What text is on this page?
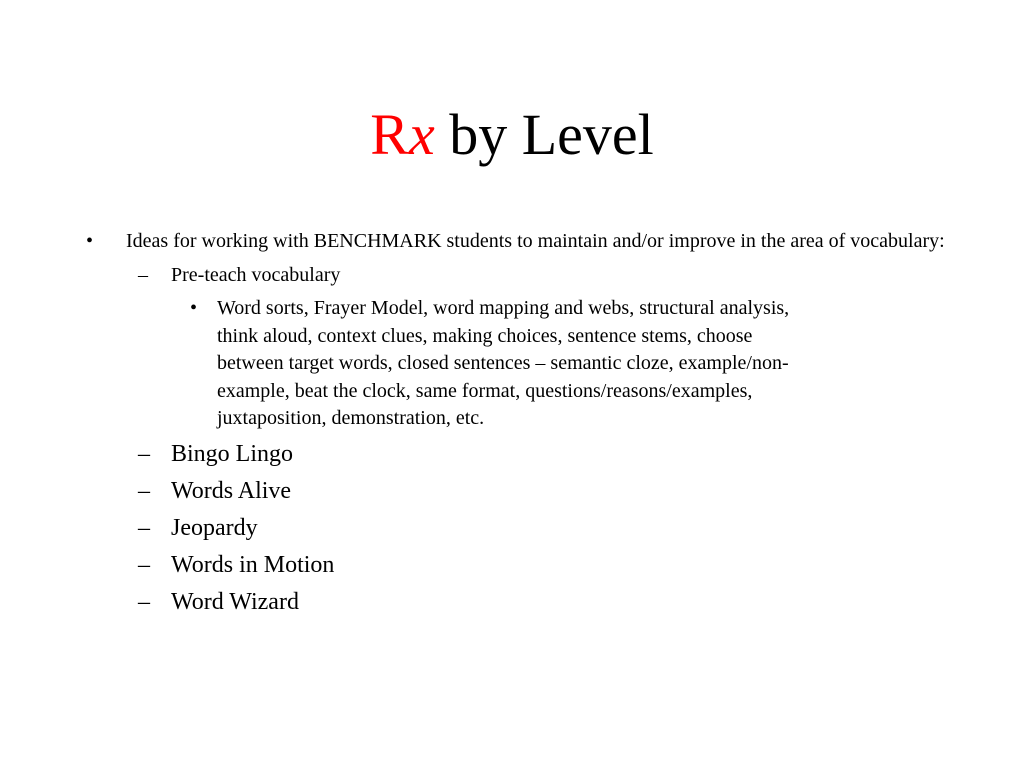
Rx by Level
• Ideas for working with BENCHMARK students to maintain and/or improve in the area of vocabulary:
– Pre-teach vocabulary
• Word sorts, Frayer Model, word mapping and webs, structural analysis, think aloud, context clues, making choices, sentence stems, choose between target words, closed sentences – semantic cloze, example/non-example, beat the clock, same format, questions/reasons/examples, juxtaposition, demonstration, etc.
– Bingo Lingo
– Words Alive
– Jeopardy
– Words in Motion
– Word Wizard
